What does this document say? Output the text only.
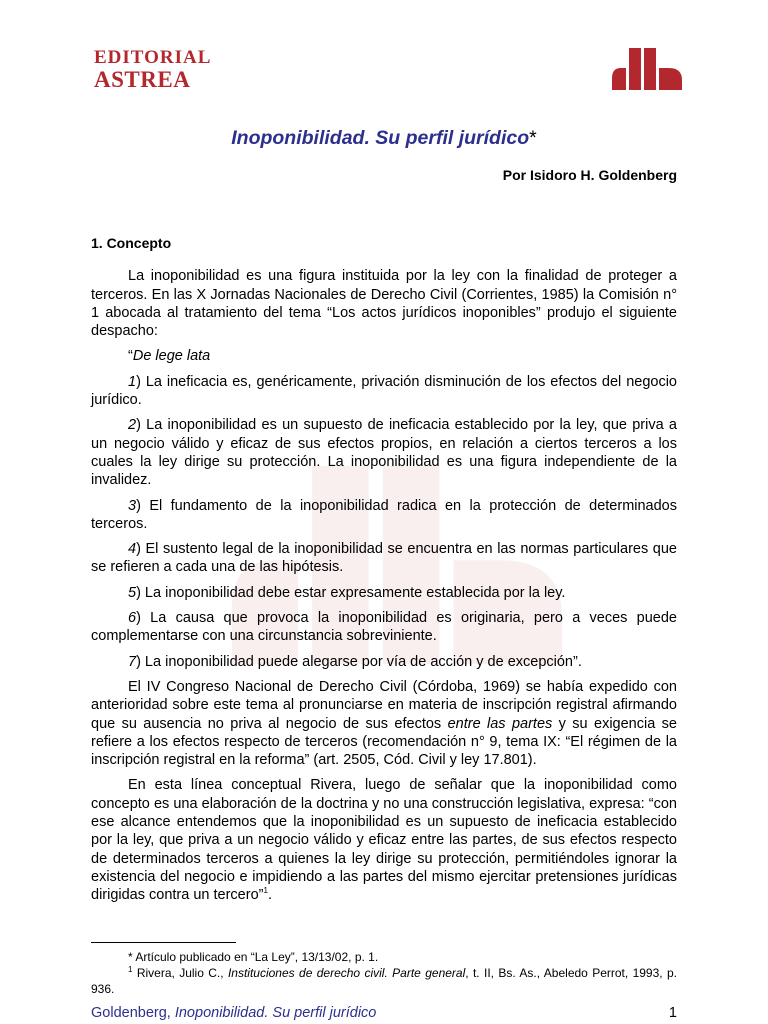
EDITORIAL
ASTREA
Inoponibilidad. Su perfil jurídico*

Por Isidoro H. Goldenberg

1. Concepto

La inoponibilidad es una figura instituida por la ley con la finalidad de proteger a terceros. En las X Jornadas Nacionales de Derecho Civil (Corrientes, 1985) la Comisión n° 1 abocada al tratamiento del tema “Los actos jurídicos inoponibles” produjo el siguiente despacho:

“De lege lata

1) La ineficacia es, genéricamente, privación disminución de los efectos del negocio jurídico.

2) La inoponibilidad es un supuesto de ineficacia establecido por la ley, que priva a un negocio válido y eficaz de sus efectos propios, en relación a ciertos terceros a los cuales la ley dirige su protección. La inoponibilidad es una figura independiente de la invalidez.

3) El fundamento de la inoponibilidad radica en la protección de determinados terceros.

4) El sustento legal de la inoponibilidad se encuentra en las normas particulares que se refieren a cada una de las hipótesis.

5) La inoponibilidad debe estar expresamente establecida por la ley.

6) La causa que provoca la inoponibilidad es originaria, pero a veces puede complementarse con una circunstancia sobreviniente.

7) La inoponibilidad puede alegarse por vía de acción y de excepción”.

El IV Congreso Nacional de Derecho Civil (Córdoba, 1969) se había expedido con anterioridad sobre este tema al pronunciarse en materia de inscripción registral afirmando que su ausencia no priva al negocio de sus efectos entre las partes y su exigencia se refiere a los efectos respecto de terceros (recomendación n° 9, tema IX: “El régimen de la inscripción registral en la reforma” (art. 2505, Cód. Civil y ley 17.801).

En esta línea conceptual Rivera, luego de señalar que la inoponibilidad como concepto es una elaboración de la doctrina y no una construcción legislativa, expresa: “con ese alcance entendemos que la inoponibilidad es un supuesto de ineficacia establecido por la ley, que priva a un negocio válido y eficaz entre las partes, de sus efectos respecto de determinados terceros a quienes la ley dirige su protección, permitiéndoles ignorar la existencia del negocio e impidiendo a las partes del mismo ejercitar pretensiones jurídicas dirigidas contra un tercero”$^1$.

* Artículo publicado en “La Ley”, 13/13/02, p. 1.

$^1$ Rivera, Julio C., Instituciones de derecho civil. Parte general, t. II, Bs. As., Abeledo Perrot, 1993, p. 936.

Goldenberg, Inoponibilidad. Su perfil jurídico	1
